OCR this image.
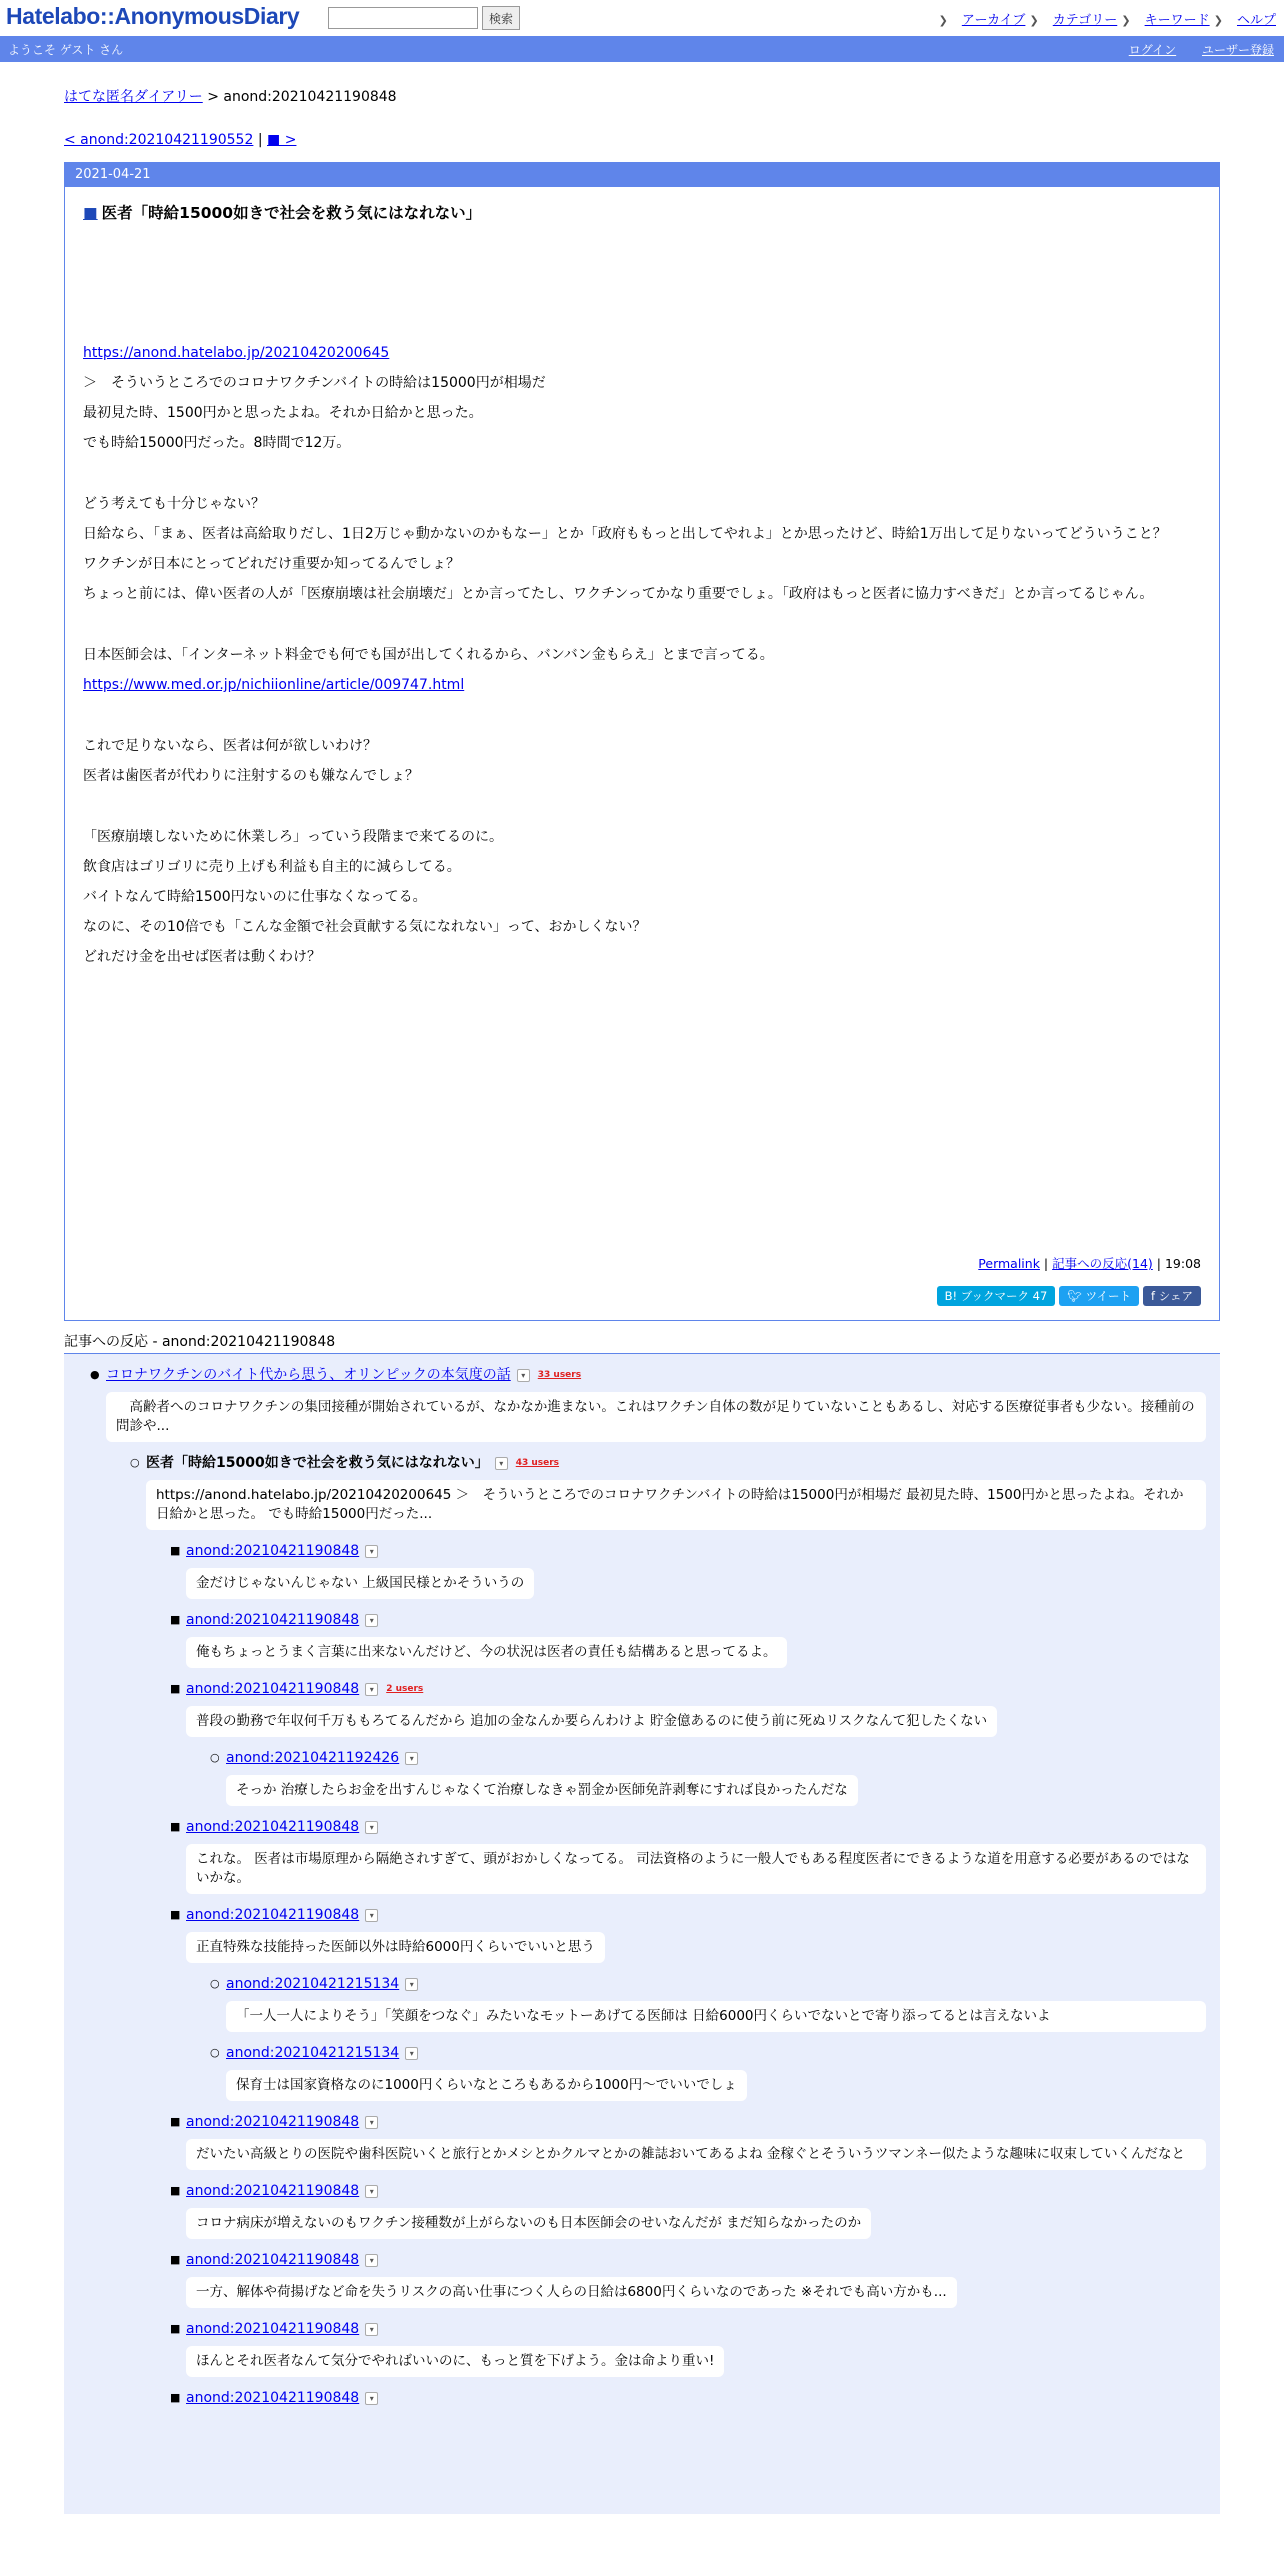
Hatelabo::AnonymousDiary	検索	❯ アーカイブ ❯ カテゴリー ❯ キーワード ❯ ヘルプ
ようこそ ゲスト さん	ログイン ユーザー登録
はてな匿名ダイアリー > anond:20210421190848
< anond:20210421190552 | ■ >
2021-04-21
■ 医者「時給15000如きで社会を救う気にはなれない」

https://anond.hatelabo.jp/20210420200645

＞　そういうところでのコロナワクチンバイトの時給は15000円が相場だ

最初見た時、1500円かと思ったよね。それか日給かと思った。

でも時給15000円だった。8時間で12万。

どう考えても十分じゃない？

日給なら、「まぁ、医者は高給取りだし、1日2万じゃ動かないのかもなー」とか「政府ももっと出してやれよ」とか思ったけど、時給1万出して足りないってどういうこと？

ワクチンが日本にとってどれだけ重要か知ってるんでしょ？

ちょっと前には、偉い医者の人が「医療崩壊は社会崩壊だ」とか言ってたし、ワクチンってかなり重要でしょ。「政府はもっと医者に協力すべきだ」とか言ってるじゃん。

日本医師会は、「インターネット料金でも何でも国が出してくれるから、バンバン金もらえ」とまで言ってる。

https://www.med.or.jp/nichiionline/article/009747.html

これで足りないなら、医者は何が欲しいわけ？

医者は歯医者が代わりに注射するのも嫌なんでしょ？

「医療崩壊しないために休業しろ」っていう段階まで来てるのに。

飲食店はゴリゴリに売り上げも利益も自主的に減らしてる。

バイトなんて時給1500円ないのに仕事なくなってる。

なのに、その10倍でも「こんな金額で社会貢献する気になれない」って、おかしくない？

どれだけ金を出せば医者は動くわけ？

Permalink | 記事への反応(14) | 19:08
B! ブックマーク 47 🐦︎ ツイート f シェア
記事への反応 - anond:20210421190848
● コロナワクチンのバイト代から思う、オリンピックの本気度の話 ▾ 33 users
　高齢者へのコロナワクチンの集団接種が開始されているが、なかなか進まない。これはワクチン自体の数が足りていないこともあるし、対応する医療従事者も少ない。接種前の問診や...
○ 医者「時給15000如きで社会を救う気にはなれない」 ▾ 43 users
https://anond.hatelabo.jp/20210420200645 ＞　そういうところでのコロナワクチンバイトの時給は15000円が相場だ 最初見た時、1500円かと思ったよね。それか日給かと思った。 でも時給15000円だった...
■ anond:20210421190848 ▾
金だけじゃないんじゃない 上級国民様とかそういうの
■ anond:20210421190848 ▾
俺もちょっとうまく言葉に出来ないんだけど、今の状況は医者の責任も結構あると思ってるよ。
■ anond:20210421190848 ▾ 2 users
普段の勤務で年収何千万ももろてるんだから 追加の金なんか要らんわけよ 貯金億あるのに使う前に死ぬリスクなんて犯したくない
○ anond:20210421192426 ▾
そっか 治療したらお金を出すんじゃなくて治療しなきゃ罰金か医師免許剥奪にすれば良かったんだな
■ anond:20210421190848 ▾
これな。 医者は市場原理から隔絶されすぎて、頭がおかしくなってる。 司法資格のように一般人でもある程度医者にできるような道を用意する必要があるのではないかな。
■ anond:20210421190848 ▾
正直特殊な技能持った医師以外は時給6000円くらいでいいと思う
○ anond:20210421215134 ▾
「一人一人によりそう」「笑顔をつなぐ」みたいなモットーあげてる医師は 日給6000円くらいでないとで寄り添ってるとは言えないよ
○ anond:20210421215134 ▾
保育士は国家資格なのに1000円くらいなところもあるから1000円～でいいでしょ
■ anond:20210421190848 ▾
だいたい高級とりの医院や歯科医院いくと旅行とかメシとかクルマとかの雑誌おいてあるよね 金稼ぐとそういうツマンネー似たような趣味に収束していくんだなと
■ anond:20210421190848 ▾
コロナ病床が増えないのもワクチン接種数が上がらないのも日本医師会のせいなんだが まだ知らなかったのか
■ anond:20210421190848 ▾
一方、解体や荷揚げなど命を失うリスクの高い仕事につく人らの日給は6800円くらいなのであった ※それでも高い方かも...
■ anond:20210421190848 ▾
ほんとそれ医者なんて気分でやればいいのに、もっと質を下げよう。金は命より重い!
■ anond:20210421190848 ▾
